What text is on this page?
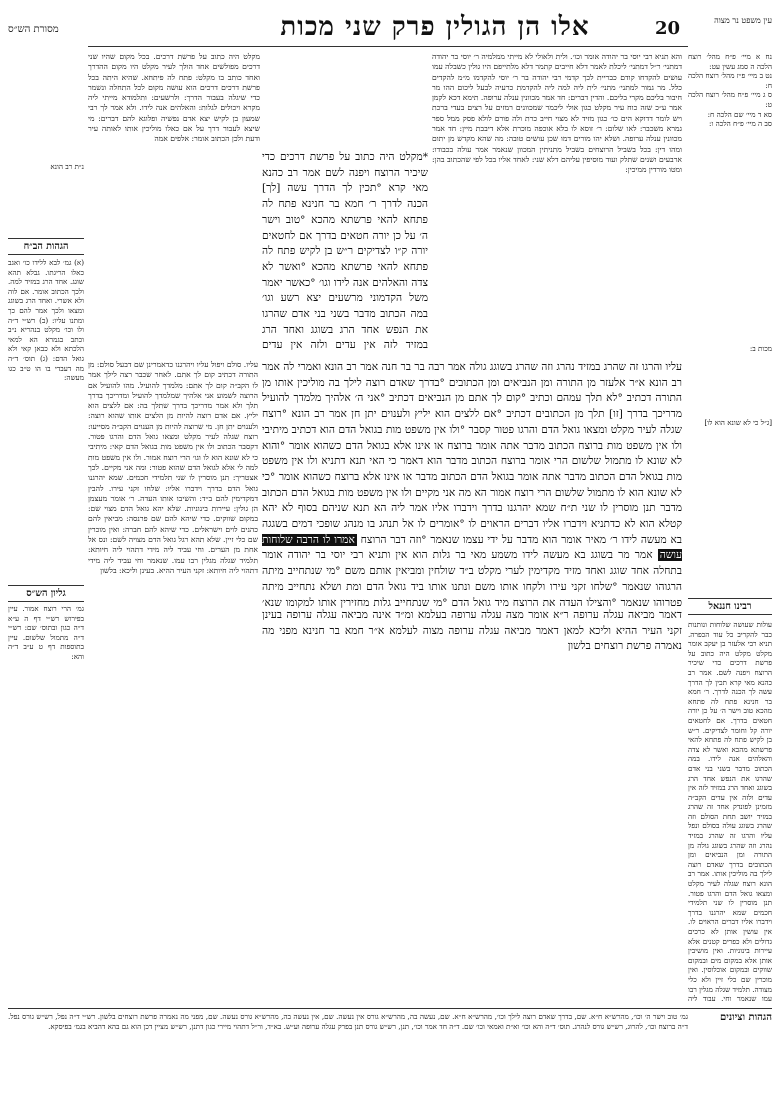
מסורת הש״ס	אלו הן הגולין פרק שני מכות	20	עין משפט נר מצוה
נח א מיי׳ פ״ח מהל׳ רוצח הלכה ה סמג עשין עט:
נט ב מיי׳ פ״ז מהל׳ רוצח הלכה ח:
ס ג מיי׳ פ״ח מהל׳ רוצח הלכה ט:
סא ד מיי׳ שם הלכה ח:
סב ה מיי׳ פ״ח הלכה ו:
והא תניא רבי יוסי בר יהודה אומר וכו׳. ולית ולאולי לא מייתי ממלמיה ר׳ יוסי בר יהודה דמתני׳ ר״ל דמתני׳ ליכלת לאמר דלא חייבים קתמר דלא מלתייפם היו גולין כשבלה עמו עושים להקדחו קודם כבריית לכך קדמי רבי יהודה בר ר׳ יוסי להקדמו מ״מ להקדים כלל. מר גמור למתני׳ מתני׳ לית ליה למה ליה להקדמת כרעיה לבעל ליכום ההו מר חיבור בליכם מקרי בליכם. והדין דברים: חד אמר מכוונין ענלה ערופה. תימא דכא לקמן אמר ע״כ שזה כוח עיר מקלט כגון אולי ליכמר שמכוונים רמזים על רצים בעדי ברכת ויש לומר דדוקא הים כו׳ כגון מזיד לא מצוי חייב כרת ולה פורם לולא פסק ממל ספר גמרא משכבר: לאו שלום: ר׳ זוסא לו בלא אוכפה מוכרת אלא דיבבת מיין: חד אמר מכוונין ענלה ערופה. ושלא יהו מורים דמו שכן עושים טובה: מה שהא מקדש מן יתום ומהו דין: בכל בשביל הרוצחים בשביל מתניתין המכוון שנאמר אמר עולה בכבודו: ארבעים ושנים שתלק ועוד מוסיפין עליהם דלא שני: לאחד אליו בכל לפי שהכתוב בהן: ומטו מורדין ממיכין:
*מקלט היה כתוב על פרשת דרכים כדי שיכיר הרוצח ויפנה לשם אמר רב כהנא מאי קרא °תכין לך הדרך עשה [לך] הכנה לדרך ר׳ חמא בר חנינא פתח לה פתחא להאי פרשתא מהכא °טוב וישר ה׳ על כן יורה חטאים בדרך אם לחטאים יורה ק״ו לצדיקים ר״ש בן לקיש פתח לה פתחא להאי פרשתא מהכא °ואשר לא צדה והאלהים אנה לידו וגו׳ °כאשר יאמר משל הקדמוני מרשעים יצא רשע וגו׳ במה הכתוב מדבר בשני בני אדם שהרגו את הנפש אחד הרג בשוגג ואחד הרג במזיד לזה אין עדים ולזה אין עדים
מקלט היה כתוב על פרשת דרכים. בכל מקום שהיו שני דרכים מפולשים אחד הולך לעיר מקלט היו מקום ההדרך ואחד כותב בו מקלט: פתח לה פיתחא. שהיא היתה בכל פרשת דרכים דרכים הוא עושה מקום לכל התחלה ונשמר כדי שיגלה בעבור הדרך: ולרשעים: ותלמודא מייתי ליה מקרא ויכולים לגלות: והאלהים אנה לידו. ולא אמר לך רבי שמעון בן לקיש יצא אדם נפשיה ופלוגא להם דברים: מי שיצא לעבור דרך על אם כאלו מוליכין אותו לאותה עיר ודעת ולכן הכתוב אומר: אלפים אמה
נ״ת רב הונא
הגהות הב״ח
(א) גמ׳ לבא ללידו כו׳ ואגב כאלו הריגתו. גבלא תהא שוגג. אחד הרג במזיד למה. ולכך הכתוב אומר. אם לוה ולא אשרי. ואחד הרג בשוגג ומצאו ולכך אמר להם כך ומתנו עליו: (ב) רש״י ד״ה ולו וכו׳ מקלט בנהריא נ״ב וכתב בגמרא הא למאי הלכתא ולא כבאן קאי ולא גואל הדם: (ג) תוס׳ ד״ה מה דעבדי בו הו ט״ב כגו מעשה:
גליון הש״ס
גמ׳ הרי רוצח אמור. עיין בפירוש רש״י דף ה ע״א ד״ה כגון ובתוס׳ שם: רש״י ד״ה מתמול שלשום. עיין בתוספות דף ט ע״ב ד״ה והא:
מכות ב:
[ג״ל כי לא שונא הוא לו]
עליו והרגו זה שהרג במזיד נהרג וזה שהרג בשוגג גולה אמר רבה בר בר חנה אמר רב הונא ואמרי לה אמר רב הונא א״ר אלעזר מן התורה ומן הנביאים ומן הכתובים °בדרך שאדם רוצה לילך בה מוליכין אותו מן התורה דכתיב °לא תלך עמהם וכתיב °קום לך אתם מן הנביאים דכתיב °אני ה׳ אלהיך מלמדך להועיל מדריכך בדרך [זו] תלך מן הכתובים דכתיב °אם ללצים הוא יליץ ולענוים יתן חן אמר רב הונא °רוצח שגלה לעיר מקלט ומצאו גואל הדם והרגו פטור קסבר °ולו אין משפט מות בגואל הדם הוא דכתיב מיתיבי ולו אין משפט מות ברוצח הכתוב מדבר אתה אומר ברוצח או אינו אלא בגואל הדם כשהוא אומר °והוא לא שונא לו מתמול שלשום הרי אומר ברוצח הכתוב מדבר הוא דאמר כי האי תנא דתניא ולו אין משפט מות בגואל הדם הכתוב מדבר אתה אומר בגואל הדם הכתוב מדבר או אינו אלא ברוצח כשהוא אומר °כי לא שונא הוא לו מתמול שלשום הרי רוצח אמור הא מה אני מקיים ולו אין משפט מות בגואל הדם הכתוב מדבר תנן מוסרין לו שני ת״ח שמא יהרגנו בדרך וידברו אליו אמר ליה הא תנא שניהם בסוף לא יהא קטלא הוא לא כדתניא וידברו אליו דברים הראוים לו °אומרים לו אל תנהג בו מנהג שופכי דמים בשגגה בא מעשה לידו ר׳ מאיר אומר הוא מדבר על ידי עצמו שנאמר °וזה דבר הרוצח אמרו לו הרבה שלוחות עושה אמר מר בשוגג בא מעשה לידו משמע מאי בר גלות הוא אין ותניא רבי יוסי בר יהודה אומר בתחלה אחד שוגג ואחד מזיד מקדימין לערי מקלט ב״ד שולחין ומביאין אותם משם °מי שנתחייב מיתה הרגוהו שנאמר °שלחו זקני עירו ולקחו אותו משם ונתנו אותו ביד גואל הדם ומת ושלא נתחייב מיתה פטרוהו שנאמר °והצילו העדה את הרוצח מיד גואל הדם °מי שנתחייב גלות מחזירין אותו למקומו שנא׳
עליו. סולם ויפול עליו ויהרגנו כדאמרינן שם דבעל סולם: מן התורה דכתיב קום לך אתם. לאחר שכבר רצה לילך אמר לו הקב״ה קום לך אתם: מלמדך להועיל. מהו להועיל אם הרוצה לשמוע אני אלהיך שמלמדך להועיל ומדריכך בדרך תלך ולא אמר מדריכך בדרך שתלך בה: אם ללצים הוא יליץ. אם אדם רוצה להיות מן הלצים אותו שהוא רוצה: ולענוים יתן חן. מי שרוצה להיות מן הענוים הקב״ה מסייעו: רוצח שגלה לעיר מקלט ומצאו גואל הדם והרגו פטור. דקסבר הכתוב ולו אין משפט מות בגואל הדם קאי: מיתיבי כי לא שונא הוא לו וגו׳ הרי רוצח אמור. ולו אין משפט מות למה לי אלא לגואל הדם שהוא פטור: ומה אני מקיים. לכך אצטריך: תנן מוסרין לו שני תלמידי חכמים. שמא יהרגנו גואל הדם בדרך וידברו אליו: שלחו זקני עירו. להבין דמקדימין להם ב״ד: והשיבו אותו העדה. ר׳ אומר מעצמן הן גולין: עיירות בינוניות. שלא יהא גואל הדם מצוי שם: במקום שווקים. כדי שיהא להם שם פרנסה: מביאין להם כהנים לוים וישראלים. כדי שיהא להם חברה: ואין מוכרין שם כלי זיין. שלא תהא רגל גואל הדם מצויה לשם: ונס אל אחת מן הערים. וחי עביד ליה מידי דתהוי ליה חיותא: תלמיד שגלה מגלין רבו עמו. שנאמר וחי עביד ליה מידי דתהוי ליה חיותא: זקני העיר ההיא. בעינן וליכא: בלשון
רבינו חננאל
עולות שעושה שלוחות ונותנות כבר להקריב כל עוד הכפרה. תניא רבי אלעזר בן יעקב אומר מקלט מקלט היה כתוב על פרשת דרכים כדי שיכיר הרוצח ויפנה לשם. אמר רב כהנא מאי קרא תכין לך הדרך עשה לך הכנה לדרך. ר׳ חמא בר חנינא פתח לה פתחא מהכא טוב וישר ה׳ על כן יורה חטאים בדרך. אם לחטאים יורה קל וחומר לצדיקים. ר״ש בן לקיש פתח לה פתחא להאי פרשתא מהכא ואשר לא צדה והאלהים אנה לידו. במה הכתוב מדבר בשני בני אדם שהרגו את הנפש אחד הרג בשוגג ואחד הרג במזיד לזה אין עדים ולזה אין עדים הקב״ה מזמינן לפונדק אחד זה שהרג במזיד יושב תחת הסולם וזה שהרג בשוגג עולה בסולם ונפל עליו והרגו זה שהרג במזיד נהרג וזה שהרג בשוגג גולה מן התורה ומן הנביאים ומן הכתובים בדרך שאדם רוצה לילך בה מוליכין אותו. אמר רב הונא רוצח שגלה לעיר מקלט ומצאו גואל הדם והרגו פטור. תנן מוסרין לו שני תלמידי חכמים שמא יהרגנו בדרך וידברו אליו דברים הראוים לו. אין עושין אותן לא כרכים גדולים ולא כפרים קטנים אלא עיירות בינוניות. ואין מושיבין אותן אלא במקום מים ובמקום שווקים ובמקום אוכלוסין. ואין מוכרין שם כלי זיין ולא כלי מצודה. תלמיד שגלה מגלין רבו עמו שנאמר וחי. עבוד ליה
דאמר מביאה עגלה ערופה ר״א אומר מצה עגלה ערופה בעלמא ומ״ד אינה מביאה עגלה ערופה בעינן זקני העיר ההיא וליכא למאן דאמר מביאה עגלה ערופה מצוה לעלמא א״ר חמא בר חנינא מפני מה נאמרה פרשת רוצחים בלשון
הגהות וציונים
גמ׳ טוב וישר ה׳ וכו׳, מהרש״א ח״א. שם, בדרך שאדם רוצה לילך וכו׳, מהרש״א ח״א. שם, נעשה בה, מהרש״א גורס אין נעשה. שם, אין נעשה בה, מהרש״א גורס נעשה. שם, מפני מה נאמרה פרשת רוצחים בלשון. רש״י ד״ה נפל, רש״ש גורס נפל. ד״ה ברוצח וכו׳, להרוג, רש״ש גורס לנהרג. תוס׳ ד״ה והא וכו׳ וא״ת ואמאי וכו׳ שם. ד״ה חד אמר וכו׳, תנן, רש״ש גורס תנן בפרק עגלה ערופה וע״ש. בא״ד, ור״ל דתהוי מיירי כגון דתנן, רש״ש מציין דכן הוא גם בהא דהביא בגמ׳ בפיסקא.
